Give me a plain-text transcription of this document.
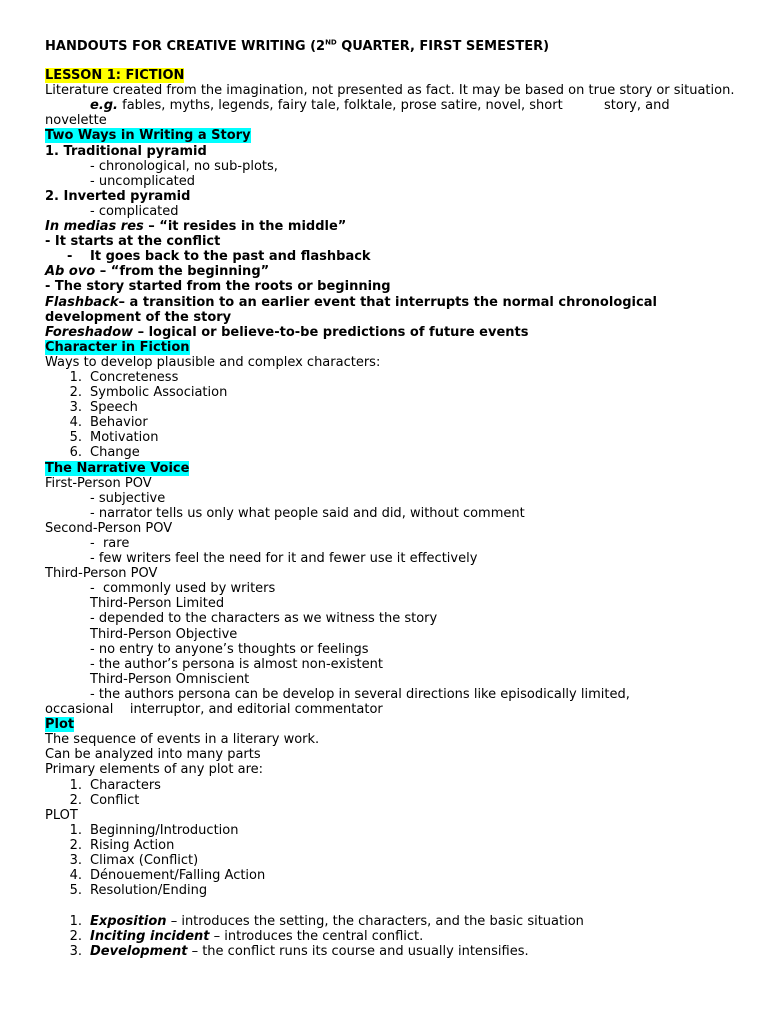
HANDOUTS FOR CREATIVE WRITING (2ND QUARTER, FIRST SEMESTER)
LESSON 1: FICTION
Literature created from the imagination, not presented as fact. It may be based on true story or situation.
e.g. fables, myths, legends, fairy tale, folktale, prose satire, novel, short          story, and
novelette
Two Ways in Writing a Story
1. Traditional pyramid
- chronological, no sub-plots,
- uncomplicated
2. Inverted pyramid
- complicated
In medias res – “it resides in the middle”
- It starts at the conflict
-	It goes back to the past and flashback
Ab ovo – “from the beginning”
- The story started from the roots or beginning
Flashback– a transition to an earlier event that interrupts the normal chronological development of the story
Foreshadow – logical or believe-to-be predictions of future events
Character in Fiction
Ways to develop plausible and complex characters:
1. Concreteness
2. Symbolic Association
3. Speech
4. Behavior
5. Motivation
6. Change
The Narrative Voice
First-Person POV
- subjective
- narrator tells us only what people said and did, without comment
Second-Person POV
-  rare
- few writers feel the need for it and fewer use it effectively
Third-Person POV
-  commonly used by writers
Third-Person Limited
- depended to the characters as we witness the story
Third-Person Objective
- no entry to anyone’s thoughts or feelings
- the author’s persona is almost non-existent
Third-Person Omniscient
- the authors persona can be develop in several directions like episodically limited,
occasional    interruptor, and editorial commentator
Plot
The sequence of events in a literary work.
Can be analyzed into many parts
Primary elements of any plot are:
1. Characters
2. Conflict
PLOT
1. Beginning/Introduction
2. Rising Action
3. Climax (Conflict)
4. Dénouement/Falling Action
5. Resolution/Ending
1. Exposition – introduces the setting, the characters, and the basic situation
2. Inciting incident – introduces the central conflict.
3. Development – the conflict runs its course and usually intensifies.
